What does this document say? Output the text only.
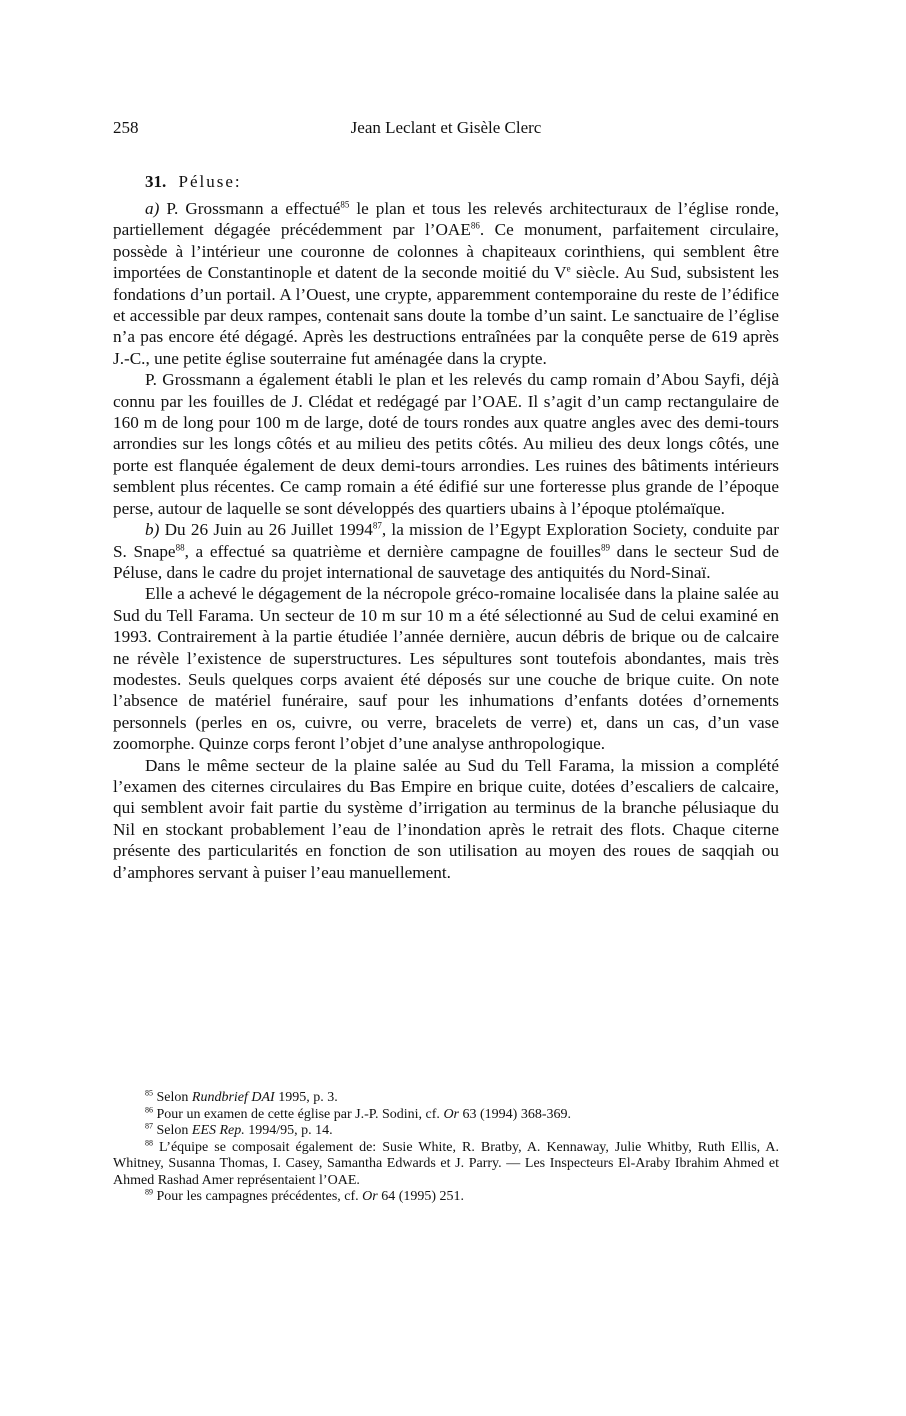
258	Jean Leclant et Gisèle Clerc
31. Péluse:

a) P. Grossmann a effectué$^{85}$ le plan et tous les relevés architecturaux de l’église ronde, partiellement dégagée précédemment par l’OAE$^{86}$. Ce monument, parfaitement circulaire, possède à l’intérieur une couronne de colonnes à chapiteaux corinthiens, qui semblent être importées de Constantinople et datent de la seconde moitié du Ve siècle. Au Sud, subsistent les fondations d’un portail. A l’Ouest, une crypte, apparemment contemporaine du reste de l’édifice et accessible par deux rampes, contenait sans doute la tombe d’un saint. Le sanctuaire de l’église n’a pas encore été dégagé. Après les destructions entraînées par la conquête perse de 619 après J.-C., une petite église souterraine fut aménagée dans la crypte.

P. Grossmann a également établi le plan et les relevés du camp romain d’Abou Sayfi, déjà connu par les fouilles de J. Clédat et redégagé par l’OAE. Il s’agit d’un camp rectangulaire de 160 m de long pour 100 m de large, doté de tours rondes aux quatre angles avec des demi-tours arrondies sur les longs côtés et au milieu des petits côtés. Au milieu des deux longs côtés, une porte est flanquée également de deux demi-tours arrondies. Les ruines des bâtiments intérieurs semblent plus récentes. Ce camp romain a été édifié sur une forteresse plus grande de l’époque perse, autour de laquelle se sont développés des quartiers ubains à l’époque ptolémaïque.

b) Du 26 Juin au 26 Juillet 1994$^{87}$, la mission de l’Egypt Exploration Society, conduite par S. Snape$^{88}$, a effectué sa quatrième et dernière campagne de fouilles$^{89}$ dans le secteur Sud de Péluse, dans le cadre du projet international de sauvetage des antiquités du Nord-Sinaï.

Elle a achevé le dégagement de la nécropole gréco-romaine localisée dans la plaine salée au Sud du Tell Farama. Un secteur de 10 m sur 10 m a été sélectionné au Sud de celui examiné en 1993. Contrairement à la partie étudiée l’année dernière, aucun débris de brique ou de calcaire ne révèle l’existence de superstructures. Les sépultures sont toutefois abondantes, mais très modestes. Seuls quelques corps avaient été déposés sur une couche de brique cuite. On note l’absence de matériel funéraire, sauf pour les inhumations d’enfants dotées d’ornements personnels (perles en os, cuivre, ou verre, bracelets de verre) et, dans un cas, d’un vase zoomorphe. Quinze corps feront l’objet d’une analyse anthropologique.

Dans le même secteur de la plaine salée au Sud du Tell Farama, la mission a complété l’examen des citernes circulaires du Bas Empire en brique cuite, dotées d’escaliers de calcaire, qui semblent avoir fait partie du système d’irrigation au terminus de la branche pélusiaque du Nil en stockant probablement l’eau de l’inondation après le retrait des flots. Chaque citerne présente des particularités en fonction de son utilisation au moyen des roues de saqqiah ou d’amphores servant à puiser l’eau manuellement.

$^{85}$ Selon Rundbrief DAI 1995, p. 3.

$^{86}$ Pour un examen de cette église par J.-P. Sodini, cf. Or 63 (1994) 368-369.

$^{87}$ Selon EES Rep. 1994/95, p. 14.

$^{88}$ L’équipe se composait également de: Susie White, R. Bratby, A. Kennaway, Julie Whitby, Ruth Ellis, A. Whitney, Susanna Thomas, I. Casey, Samantha Edwards et J. Parry. — Les Inspecteurs El-Araby Ibrahim Ahmed et Ahmed Rashad Amer représentaient l’OAE.

$^{89}$ Pour les campagnes précédentes, cf. Or 64 (1995) 251.
